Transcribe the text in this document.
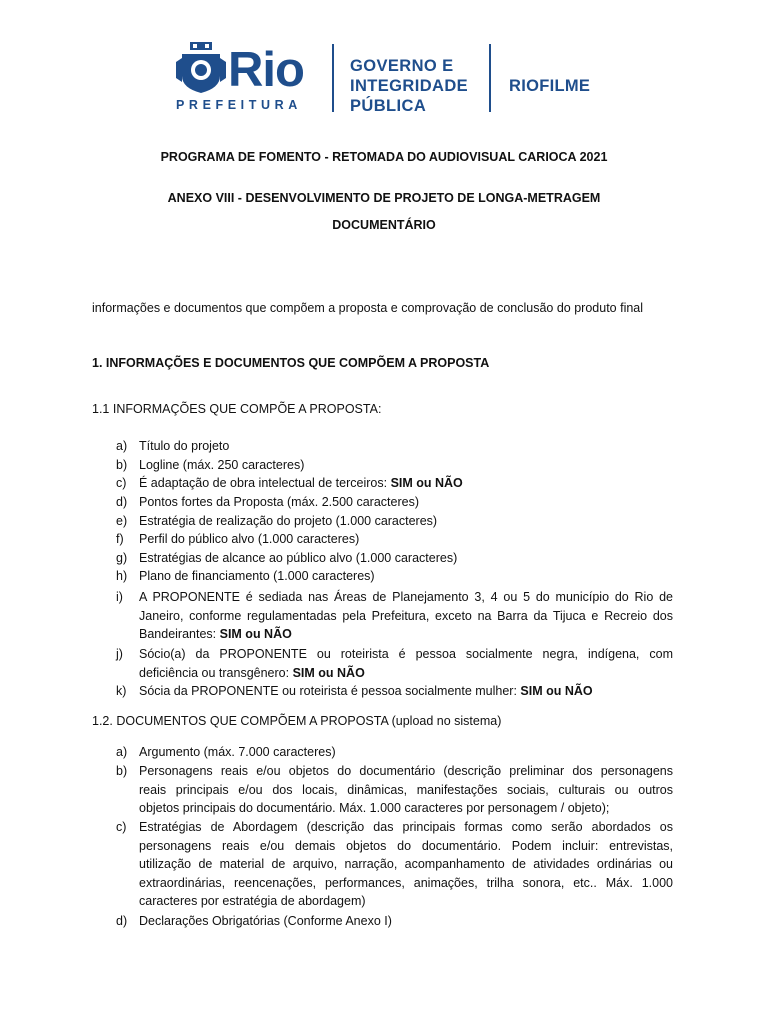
Rio
PREFEITURA
GOVERNO E
INTEGRIDADE
PÚBLICA
RIOFILME
PROGRAMA DE FOMENTO - RETOMADA DO AUDIOVISUAL CARIOCA 2021
ANEXO VIII - DESENVOLVIMENTO DE PROJETO DE LONGA-METRAGEM
DOCUMENTÁRIO
informações e documentos que compõem a proposta e comprovação de conclusão do produto final
1. INFORMAÇÕES E DOCUMENTOS QUE COMPÕEM A PROPOSTA
1.1 INFORMAÇÕES QUE COMPÕE A PROPOSTA:
a) Título do projeto
b) Logline (máx. 250 caracteres)
c) É adaptação de obra intelectual de terceiros: SIM ou NÃO
d) Pontos fortes da Proposta (máx. 2.500 caracteres)
e) Estratégia de realização do projeto (1.000 caracteres)
f) Perfil do público alvo (1.000 caracteres)
g) Estratégias de alcance ao público alvo (1.000 caracteres)
h) Plano de financiamento (1.000 caracteres)
i) A PROPONENTE é sediada nas Áreas de Planejamento 3, 4 ou 5 do município do Rio de
Janeiro, conforme regulamentadas pela Prefeitura, exceto na Barra da Tijuca e Recreio dos
Bandeirantes: SIM ou NÃO
j) Sócio(a) da PROPONENTE ou roteirista é pessoa socialmente negra, indígena, com
deficiência ou transgênero: SIM ou NÃO
k) Sócia da PROPONENTE ou roteirista é pessoa socialmente mulher: SIM ou NÃO
1.2. DOCUMENTOS QUE COMPÕEM A PROPOSTA (upload no sistema)
a) Argumento (máx. 7.000 caracteres)
b) Personagens reais e/ou objetos do documentário (descrição preliminar dos personagens
reais principais e/ou dos locais, dinâmicas, manifestações sociais, culturais ou outros
objetos principais do documentário. Máx. 1.000 caracteres por personagem / objeto);
c) Estratégias de Abordagem (descrição das principais formas como serão abordados os
personagens reais e/ou demais objetos do documentário. Podem incluir: entrevistas,
utilização de material de arquivo, narração, acompanhamento de atividades ordinárias ou
extraordinárias, reencenações, performances, animações, trilha sonora, etc.. Máx. 1.000
caracteres por estratégia de abordagem)
d) Declarações Obrigatórias (Conforme Anexo I)
